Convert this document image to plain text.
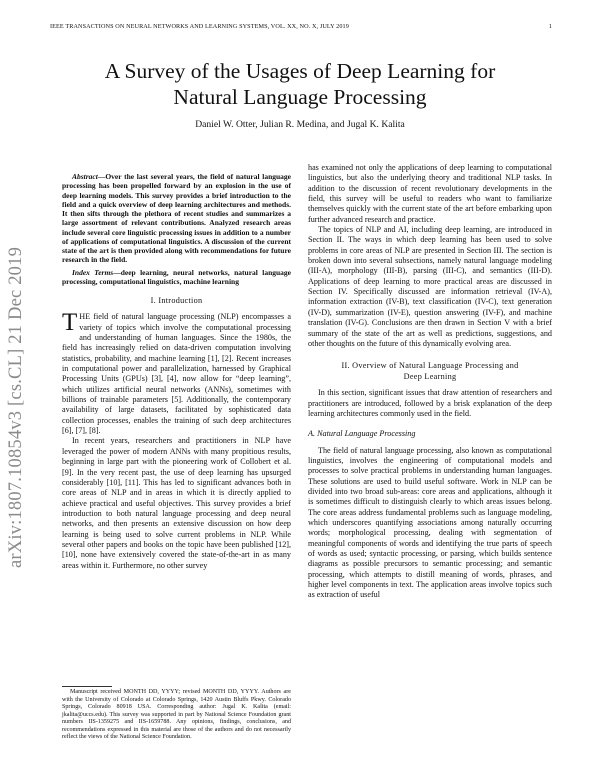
IEEE TRANSACTIONS ON NEURAL NETWORKS AND LEARNING SYSTEMS, VOL. XX, NO. X, JULY 2019	1
A Survey of the Usages of Deep Learning for
Natural Language Processing
Daniel W. Otter, Julian R. Medina, and Jugal K. Kalita
arXiv:1807.10854v3 [cs.CL] 21 Dec 2019
Abstract—Over the last several years, the field of natural language processing has been propelled forward by an explosion in the use of deep learning models. This survey provides a brief introduction to the field and a quick overview of deep learning architectures and methods. It then sifts through the plethora of recent studies and summarizes a large assortment of relevant contributions. Analyzed research areas include several core linguistic processing issues in addition to a number of applications of computational linguistics. A discussion of the current state of the art is then provided along with recommendations for future research in the field.
Index Terms—deep learning, neural networks, natural language processing, computational linguistics, machine learning
I. Introduction

THE field of natural language processing (NLP) encompasses a variety of topics which involve the computational processing and understanding of human languages. Since the 1980s, the field has increasingly relied on data-driven computation involving statistics, probability, and machine learning [1], [2]. Recent increases in computational power and parallelization, harnessed by Graphical Processing Units (GPUs) [3], [4], now allow for “deep learning”, which utilizes artificial neural networks (ANNs), sometimes with billions of trainable parameters [5]. Additionally, the contemporary availability of large datasets, facilitated by sophisticated data collection processes, enables the training of such deep architectures [6], [7], [8].

In recent years, researchers and practitioners in NLP have leveraged the power of modern ANNs with many propitious results, beginning in large part with the pioneering work of Collobert et al. [9]. In the very recent past, the use of deep learning has upsurged considerably [10], [11]. This has led to significant advances both in core areas of NLP and in areas in which it is directly applied to achieve practical and useful objectives. This survey provides a brief introduction to both natural language processing and deep neural networks, and then presents an extensive discussion on how deep learning is being used to solve current problems in NLP. While several other papers and books on the topic have been published [12], [10], none have extensively covered the state-of-the-art in as many areas within it. Furthermore, no other survey

Manuscript received MONTH DD, YYYY; revised MONTH DD, YYYY. Authors are with the University of Colorado at Colorado Springs, 1420 Austin Bluffs Pkwy. Colorado Springs, Colorado 80918 USA. Corresponding author: Jugal K. Kalita (email: jkalita@uccs.edu). This survey was supported in part by National Science Foundation grant numbers IIS-1359275 and IIS-1659788. Any opinions, findings, conclusions, and recommendations expressed in this material are those of the authors and do not necessarily reflect the views of the National Science Foundation.

has examined not only the applications of deep learning to computational linguistics, but also the underlying theory and traditional NLP tasks. In addition to the discussion of recent revolutionary developments in the field, this survey will be useful to readers who want to familiarize themselves quickly with the current state of the art before embarking upon further advanced research and practice.

The topics of NLP and AI, including deep learning, are introduced in Section II. The ways in which deep learning has been used to solve problems in core areas of NLP are presented in Section III. The section is broken down into several subsections, namely natural language modeling (III-A), morphology (III-B), parsing (III-C), and semantics (III-D). Applications of deep learning to more practical areas are discussed in Section IV. Specifically discussed are information retrieval (IV-A), information extraction (IV-B), text classification (IV-C), text generation (IV-D), summarization (IV-E), question answering (IV-F), and machine translation (IV-G). Conclusions are then drawn in Section V with a brief summary of the state of the art as well as predictions, suggestions, and other thoughts on the future of this dynamically evolving area.

II. Overview of Natural Language Processing and
Deep Learning

In this section, significant issues that draw attention of researchers and practitioners are introduced, followed by a brisk explanation of the deep learning architectures commonly used in the field.

A. Natural Language Processing

The field of natural language processing, also known as computational linguistics, involves the engineering of computational models and processes to solve practical problems in understanding human languages. These solutions are used to build useful software. Work in NLP can be divided into two broad sub-areas: core areas and applications, although it is sometimes difficult to distinguish clearly to which areas issues belong. The core areas address fundamental problems such as language modeling, which underscores quantifying associations among naturally occurring words; morphological processing, dealing with segmentation of meaningful components of words and identifying the true parts of speech of words as used; syntactic processing, or parsing, which builds sentence diagrams as possible precursors to semantic processing; and semantic processing, which attempts to distill meaning of words, phrases, and higher level components in text. The application areas involve topics such as extraction of useful
